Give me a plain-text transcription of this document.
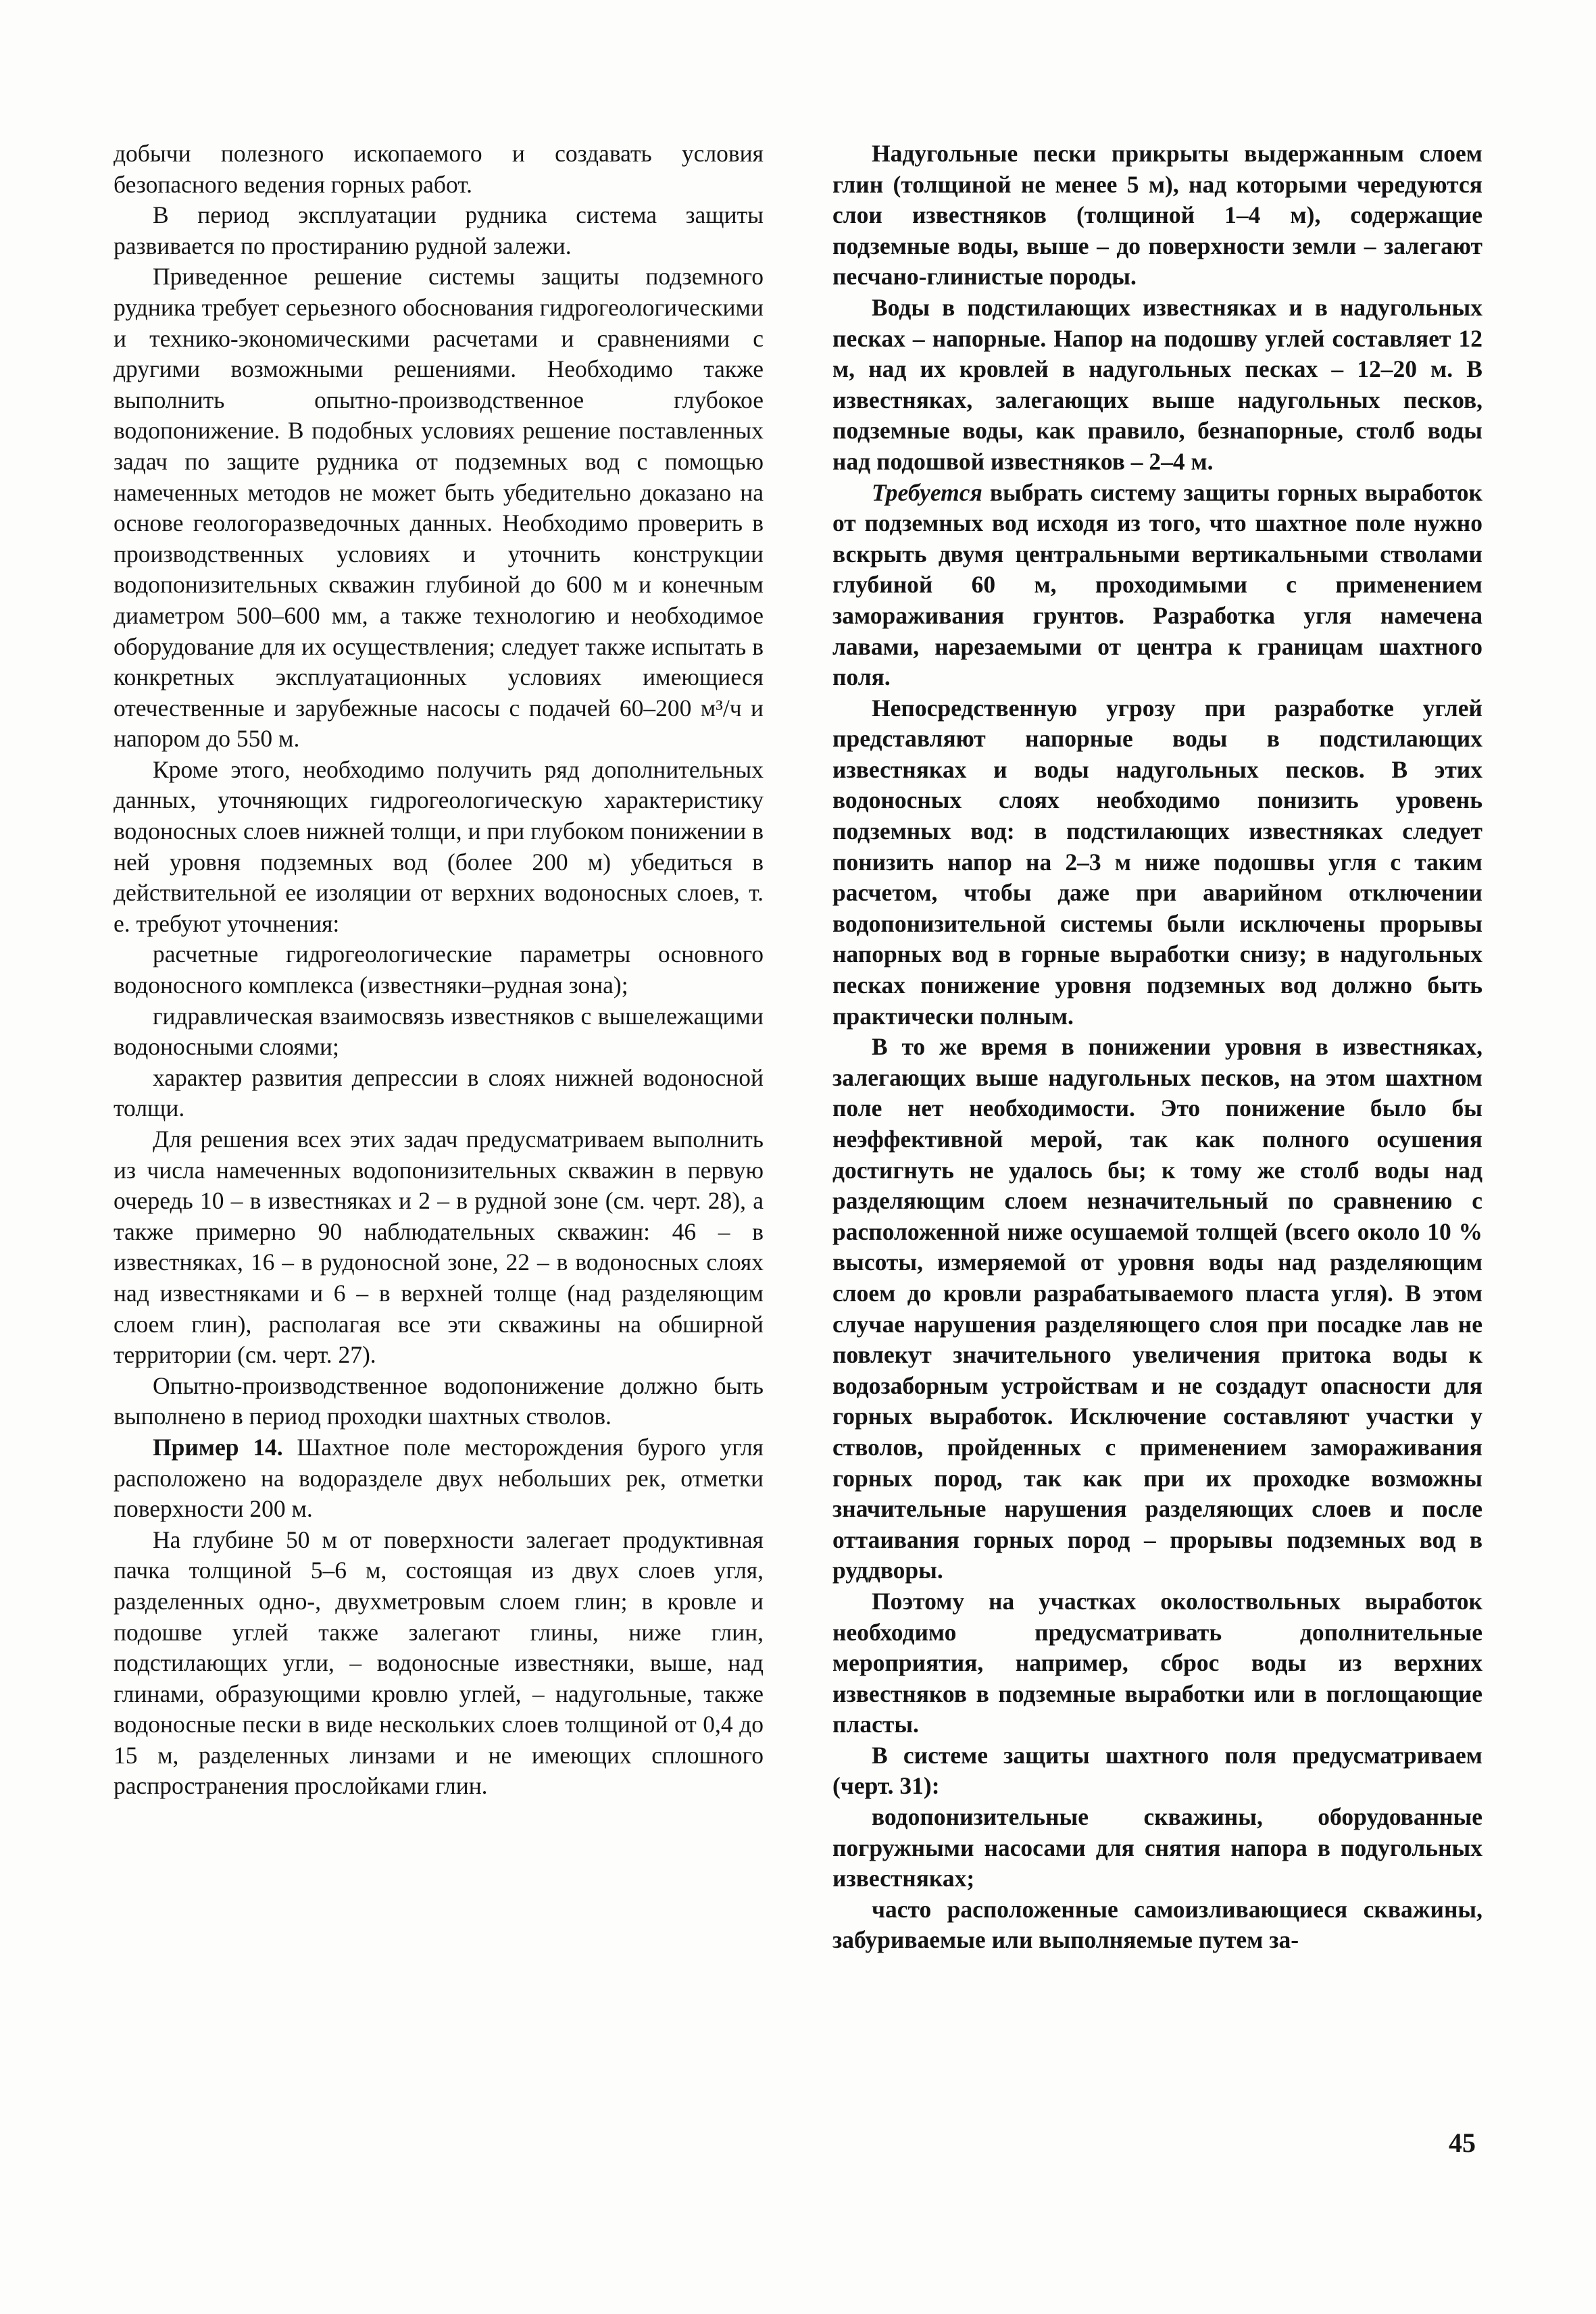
добычи полезного ископаемого и создавать условия безопасного ведения горных работ.

В период эксплуатации рудника система защиты развивается по простиранию рудной залежи.

Приведенное решение системы защиты подземного рудника требует серьезного обоснования гидрогеологическими и технико-экономическими расчетами и сравнениями с другими возможными решениями. Необходимо также выполнить опытно-производственное глубокое водопонижение. В подобных условиях решение поставленных задач по защите рудника от подземных вод с помощью намеченных методов не может быть убедительно доказано на основе геологоразведочных данных. Необходимо проверить в производственных условиях и уточнить конструкции водопонизительных скважин глубиной до 600 м и конечным диаметром 500–600 мм, а также технологию и необходимое оборудование для их осуществления; следует также испытать в конкретных эксплуатационных условиях имеющиеся отечественные и зарубежные насосы с подачей 60–200 м³/ч и напором до 550 м.

Кроме этого, необходимо получить ряд дополнительных данных, уточняющих гидрогеологическую характеристику водоносных слоев нижней толщи, и при глубоком понижении в ней уровня подземных вод (более 200 м) убедиться в действительной ее изоляции от верхних водоносных слоев, т. е. требуют уточнения:

расчетные гидрогеологические параметры основного водоносного комплекса (известняки–рудная зона);

гидравлическая взаимосвязь известняков с вышележащими водоносными слоями;

характер развития депрессии в слоях нижней водоносной толщи.

Для решения всех этих задач предусматриваем выполнить из числа намеченных водопонизительных скважин в первую очередь 10 – в известняках и 2 – в рудной зоне (см. черт. 28), а также примерно 90 наблюдательных скважин: 46 – в известняках, 16 – в рудоносной зоне, 22 – в водоносных слоях над известняками и 6 – в верхней толще (над разделяющим слоем глин), располагая все эти скважины на обширной территории (см. черт. 27).

Опытно-производственное водопонижение должно быть выполнено в период проходки шахтных стволов.

Пример 14. Шахтное поле месторождения бурого угля расположено на водоразделе двух небольших рек, отметки поверхности 200 м.

На глубине 50 м от поверхности залегает продуктивная пачка толщиной 5–6 м, состоящая из двух слоев угля, разделенных одно-, двухметровым слоем глин; в кровле и подошве углей также залегают глины, ниже глин, подстилающих угли, – водоносные известняки, выше, над глинами, образующими кровлю углей, – надугольные, также водоносные пески в виде нескольких слоев толщиной от 0,4 до 15 м, разделенных линзами и не имеющих сплошного распространения прослойками глин.

Надугольные пески прикрыты выдержанным слоем глин (толщиной не менее 5 м), над которыми чередуются слои известняков (толщиной 1–4 м), содержащие подземные воды, выше – до поверхности земли – залегают песчано-глинистые породы.

Воды в подстилающих известняках и в надугольных песках – напорные. Напор на подошву углей составляет 12 м, над их кровлей в надугольных песках – 12–20 м. В известняках, залегающих выше надугольных песков, подземные воды, как правило, безнапорные, столб воды над подошвой известняков – 2–4 м.

Требуется выбрать систему защиты горных выработок от подземных вод исходя из того, что шахтное поле нужно вскрыть двумя центральными вертикальными стволами глубиной 60 м, проходимыми с применением замораживания грунтов. Разработка угля намечена лавами, нарезаемыми от центра к границам шахтного поля.

Непосредственную угрозу при разработке углей представляют напорные воды в подстилающих известняках и воды надугольных песков. В этих водоносных слоях необходимо понизить уровень подземных вод: в подстилающих известняках следует понизить напор на 2–3 м ниже подошвы угля с таким расчетом, чтобы даже при аварийном отключении водопонизительной системы были исключены прорывы напорных вод в горные выработки снизу; в надугольных песках понижение уровня подземных вод должно быть практически полным.

В то же время в понижении уровня в известняках, залегающих выше надугольных песков, на этом шахтном поле нет необходимости. Это понижение было бы неэффективной мерой, так как полного осушения достигнуть не удалось бы; к тому же столб воды над разделяющим слоем незначительный по сравнению с расположенной ниже осушаемой толщей (всего около 10 % высоты, измеряемой от уровня воды над разделяющим слоем до кровли разрабатываемого пласта угля). В этом случае нарушения разделяющего слоя при посадке лав не повлекут значительного увеличения притока воды к водозаборным устройствам и не создадут опасности для горных выработок. Исключение составляют участки у стволов, пройденных с применением замораживания горных пород, так как при их проходке возможны значительные нарушения разделяющих слоев и после оттаивания горных пород – прорывы подземных вод в руддворы.

Поэтому на участках околоствольных выработок необходимо предусматривать дополнительные мероприятия, например, сброс воды из верхних известняков в подземные выработки или в поглощающие пласты.

В системе защиты шахтного поля предусматриваем (черт. 31):

водопонизительные скважины, оборудованные погружными насосами для снятия напора в подугольных известняках;

часто расположенные самоизливающиеся скважины, забуриваемые или выполняемые путем за-

45
